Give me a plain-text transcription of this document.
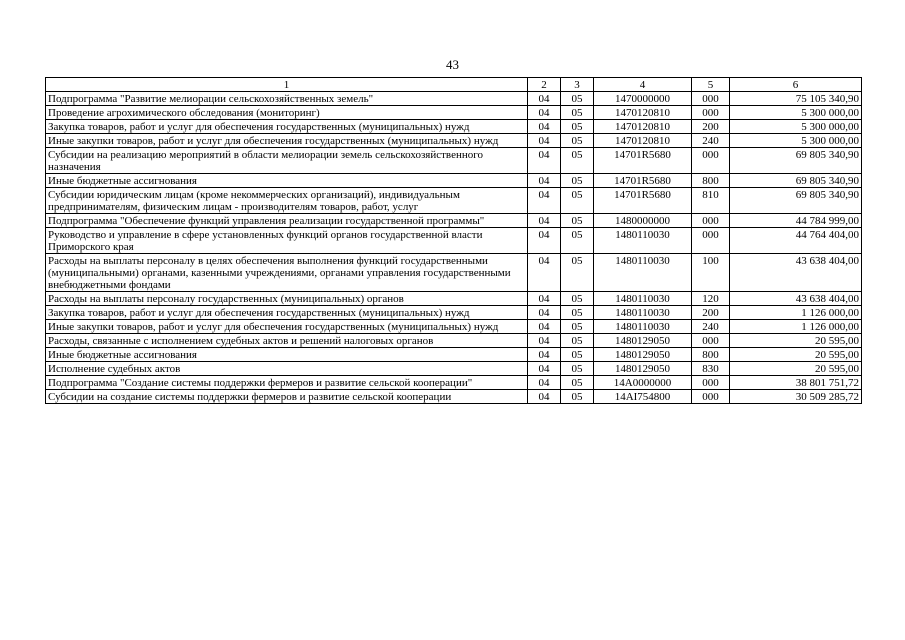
43
1	2	3	4	5	6
Подпрограмма "Развитие мелиорации сельскохозяйственных земель"	04	05	1470000000	000	75 105 340,90
Проведение агрохимического обследования (мониторинг)	04	05	1470120810	000	5 300 000,00
Закупка товаров, работ и услуг для обеспечения государственных (муниципальных) нужд	04	05	1470120810	200	5 300 000,00
Иные закупки товаров, работ и услуг для обеспечения государственных (муниципальных) нужд	04	05	1470120810	240	5 300 000,00
Субсидии на реализацию мероприятий в области мелиорации земель сельскохозяйственного назначения	04	05	14701R5680	000	69 805 340,90
Иные бюджетные ассигнования	04	05	14701R5680	800	69 805 340,90
Субсидии юридическим лицам (кроме некоммерческих организаций), индивидуальным предпринимателям, физическим лицам - производителям товаров, работ, услуг	04	05	14701R5680	810	69 805 340,90
Подпрограмма "Обеспечение функций управления реализации государственной программы"	04	05	1480000000	000	44 784 999,00
Руководство и управление в сфере установленных функций органов государственной власти Приморского края	04	05	1480110030	000	44 764 404,00
Расходы на выплаты персоналу в целях обеспечения выполнения функций государственными (муниципальными) органами, казенными учреждениями, органами управления государственными внебюджетными фондами	04	05	1480110030	100	43 638 404,00
Расходы на выплаты персоналу государственных (муниципальных) органов	04	05	1480110030	120	43 638 404,00
Закупка товаров, работ и услуг для обеспечения государственных (муниципальных) нужд	04	05	1480110030	200	1 126 000,00
Иные закупки товаров, работ и услуг для обеспечения государственных (муниципальных) нужд	04	05	1480110030	240	1 126 000,00
Расходы, связанные с исполнением судебных актов и решений налоговых органов	04	05	1480129050	000	20 595,00
Иные бюджетные ассигнования	04	05	1480129050	800	20 595,00
Исполнение судебных актов	04	05	1480129050	830	20 595,00
Подпрограмма "Создание системы поддержки фермеров и развитие сельской кооперации"	04	05	14А0000000	000	38 801 751,72
Субсидии на создание системы поддержки фермеров и развитие сельской кооперации	04	05	14АI754800	000	30 509 285,72
